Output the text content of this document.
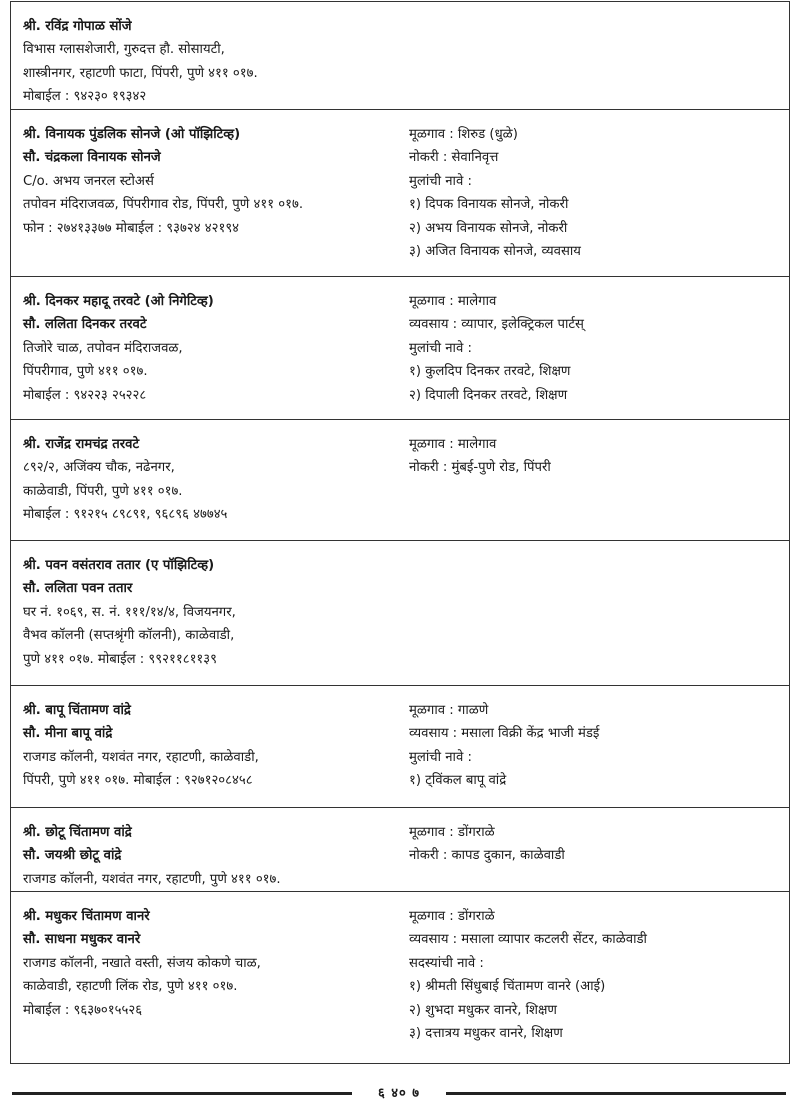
श्री. रविंद्र गोपाळ सोंजे
विभास ग्लासशेजारी, गुरुदत्त हौ. सोसायटी,
शास्त्रीनगर, रहाटणी फाटा, पिंपरी, पुणे ४११ ०१७.
मोबाईल : ९४२३० १९३४२
श्री. विनायक पुंडलिक सोनजे (ओ पॉझिटिव्ह)
सौ. चंद्रकला विनायक सोनजे
C/o. अभय जनरल स्टोअर्स
तपोवन मंदिराजवळ, पिंपरीगाव रोड, पिंपरी, पुणे ४११ ०१७.
फोन : २७४१३३७७ मोबाईल : ९३७२४ ४२१९४
मूळगाव : शिरुड (धुळे)
नोकरी : सेवानिवृत्त
मुलांची नावे :
१) दिपक विनायक सोनजे, नोकरी
२) अभय विनायक सोनजे, नोकरी
३) अजित विनायक सोनजे, व्यवसाय
श्री. दिनकर महादू तरवटे (ओ निगेटिव्ह)
सौ. ललिता दिनकर तरवटे
तिजोरे चाळ, तपोवन मंदिराजवळ,
पिंपरीगाव, पुणे ४११ ०१७.
मोबाईल : ९४२२३ २५२२८
मूळगाव : मालेगाव
व्यवसाय : व्यापार, इलेक्ट्रिकल पार्टस्
मुलांची नावे :
१) कुलदिप दिनकर तरवटे, शिक्षण
२) दिपाली दिनकर तरवटे, शिक्षण
श्री. राजेंद्र रामचंद्र तरवटे
८९२/२, अजिंक्य चौक, नढेनगर,
काळेवाडी, पिंपरी, पुणे ४११ ०१७.
मोबाईल : ९१२१५ ८९८९१, ९६८९६ ४७७४५
मूळगाव : मालेगाव
नोकरी : मुंबई-पुणे रोड, पिंपरी
श्री. पवन वसंतराव ततार (ए पॉझिटिव्ह)
सौ. ललिता पवन ततार
घर नं. १०६९, स. नं. १११/१४/४, विजयनगर,
वैभव कॉलनी (सप्तश्रृंगी कॉलनी), काळेवाडी,
पुणे ४११ ०१७. मोबाईल : ९९२११८११३९
श्री. बापू चिंतामण वांद्रे
सौ. मीना बापू वांद्रे
राजगड कॉलनी, यशवंत नगर, रहाटणी, काळेवाडी,
पिंपरी, पुणे ४११ ०१७. मोबाईल : ९२७१२०८४५८
मूळगाव : गाळणे
व्यवसाय : मसाला विक्री केंद्र भाजी मंडई
मुलांची नावे :
१) ट्विंकल बापू वांद्रे
श्री. छोटू चिंतामण वांद्रे
सौ. जयश्री छोटू वांद्रे
राजगड कॉलनी, यशवंत नगर, रहाटणी, पुणे ४११ ०१७.
मूळगाव : डोंगराळे
नोकरी : कापड दुकान, काळेवाडी
श्री. मधुकर चिंतामण वानरे
सौ. साधना मधुकर वानरे
राजगड कॉलनी, नखाते वस्ती, संजय कोकणे चाळ,
काळेवाडी, रहाटणी लिंक रोड, पुणे ४११ ०१७.
मोबाईल : ९६३७०१५५२६
मूळगाव : डोंगराळे
व्यवसाय : मसाला व्यापार कटलरी सेंटर, काळेवाडी
सदस्यांची नावे :
१) श्रीमती सिंधुबाई चिंतामण वानरे (आई)
२) शुभदा मधुकर वानरे, शिक्षण
३) दत्तात्रय मधुकर वानरे, शिक्षण
६ ४० ७
